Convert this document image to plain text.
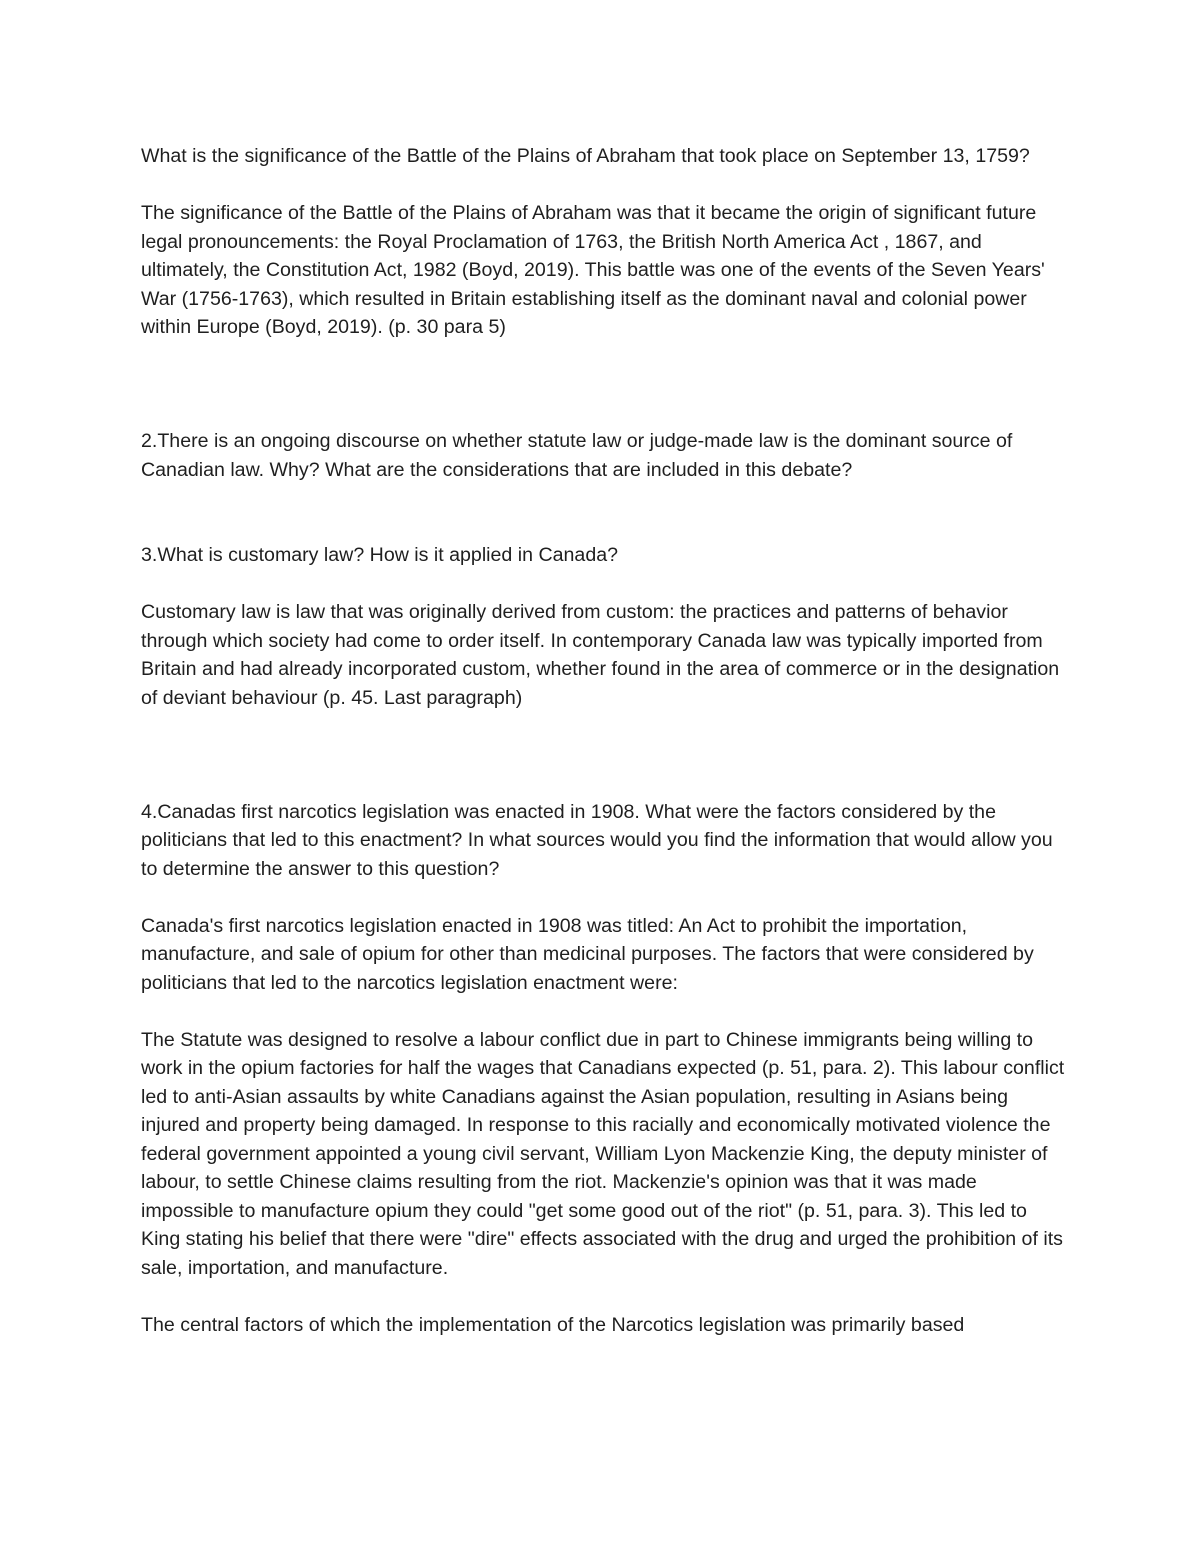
What is the significance of the Battle of the Plains of Abraham that took place on September 13, 1759?

The significance of the Battle of the Plains of Abraham was that it became the origin of significant future legal pronouncements: the Royal Proclamation of 1763, the British North America Act , 1867, and ultimately, the Constitution Act, 1982 (Boyd, 2019). This battle was one of the events of the Seven Years' War (1756-1763), which resulted in Britain establishing itself as the dominant naval and colonial power within Europe (Boyd, 2019). (p. 30 para 5)

2.There is an ongoing discourse on whether statute law or judge-made law is the dominant source of Canadian law. Why? What are the considerations that are included in this debate?

3.What is customary law? How is it applied in Canada?

Customary law is law that was originally derived from custom: the practices and patterns of behavior through which society had come to order itself. In contemporary Canada law was typically imported from Britain and had already incorporated custom, whether found in the area of commerce or in the designation of deviant behaviour (p. 45. Last paragraph)

4.Canadas first narcotics legislation was enacted in 1908. What were the factors considered by the politicians that led to this enactment? In what sources would you find the information that would allow you to determine the answer to this question?

Canada's first narcotics legislation enacted in 1908 was titled: An Act to prohibit the importation, manufacture, and sale of opium for other than medicinal purposes. The factors that were considered by politicians that led to the narcotics legislation enactment were:

The Statute was designed to resolve a labour conflict due in part to Chinese immigrants being willing to work in the opium factories for half the wages that Canadians expected (p. 51, para. 2). This labour conflict led to anti-Asian assaults by white Canadians against the Asian population, resulting in Asians being injured and property being damaged. In response to this racially and economically motivated violence the federal government appointed a young civil servant, William Lyon Mackenzie King, the deputy minister of labour, to settle Chinese claims resulting from the riot. Mackenzie's opinion was that it was made impossible to manufacture opium they could "get some good out of the riot" (p. 51, para. 3). This led to King stating his belief that there were "dire" effects associated with the drug and urged the prohibition of its sale, importation, and manufacture.

The central factors of which the implementation of the Narcotics legislation was primarily based
